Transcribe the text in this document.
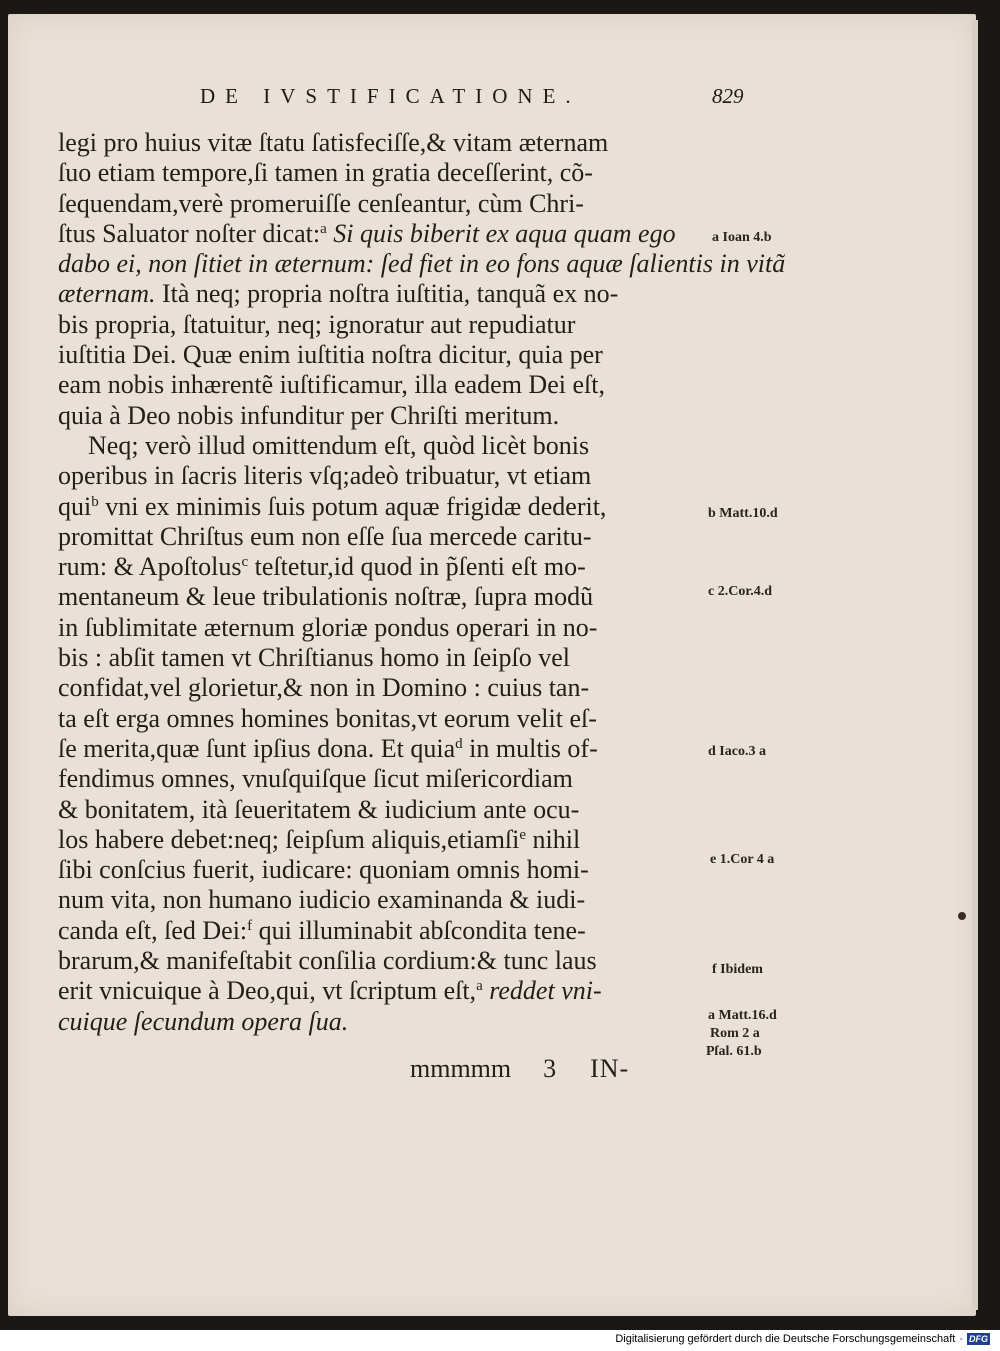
DE IVSTIFICATIONE.	829
legi pro huius vitæ ſtatu ſatisfeciſſe,& vitam æternam
ſuo etiam tempore,ſi tamen in gratia deceſſerint, cõ-
ſequendam,verè promeruiſſe cenſeantur, cùm Chri-
ſtus Saluator noſter dicat:$^a$ Si quis biberit ex aqua quam ego
dabo ei, non ſitiet in æternum: ſed fiet in eo fons aquæ ſalientis in vitã
æternam. Ità neq; propria noſtra iuſtitia, tanquã ex no-
bis propria, ſtatuitur, neq; ignoratur aut repudiatur
iuſtitia Dei. Quæ enim iuſtitia noſtra dicitur, quia per
eam nobis inhærentẽ iuſtificamur, illa eadem Dei eſt,
quia à Deo nobis infunditur per Chriſti meritum.
Neq; verò illud omittendum eſt, quòd licèt bonis
operibus in ſacris literis vſq;adeò tribuatur, vt etiam
qui$^b$ vni ex minimis ſuis potum aquæ frigidæ dederit,
promittat Chriſtus eum non eſſe ſua mercede caritu-
rum: & Apoſtolus$^c$ teſtetur,id quod in p̃ſenti eſt mo-
mentaneum & leue tribulationis noſtræ, ſupra modũ
in ſublimitate æternum gloriæ pondus operari in no-
bis : abſit tamen vt Chriſtianus homo in ſeipſo vel
confidat,vel glorietur,& non in Domino : cuius tan-
ta eſt erga omnes homines bonitas,vt eorum velit eſ-
ſe merita,quæ ſunt ipſius dona. Et quia$^d$ in multis of-
fendimus omnes, vnuſquiſque ſicut miſericordiam
& bonitatem, ità ſeueritatem & iudicium ante ocu-
los habere debet:neq; ſeipſum aliquis,etiamſi$^e$ nihil
ſibi conſcius fuerit, iudicare: quoniam omnis homi-
num vita, non humano iudicio examinanda & iudi-
canda eſt, ſed Dei:$^f$ qui illuminabit abſcondita tene-
brarum,& manifeſtabit conſilia cordium:& tunc laus
erit vnicuique à Deo,qui, vt ſcriptum eſt,$^a$ reddet vni-
cuique ſecundum opera ſua.
a Ioan 4.b
b Matt.10.d
c 2.Cor.4.d
d Iaco.3 a
e 1.Cor 4 a
f Ibidem
a Matt.16.d
Rom 2 a
Pſal. 61.b
mmmmm 3 IN-
Digitalisierung gefördert durch die Deutsche Forschungsgemeinschaft · DFG
